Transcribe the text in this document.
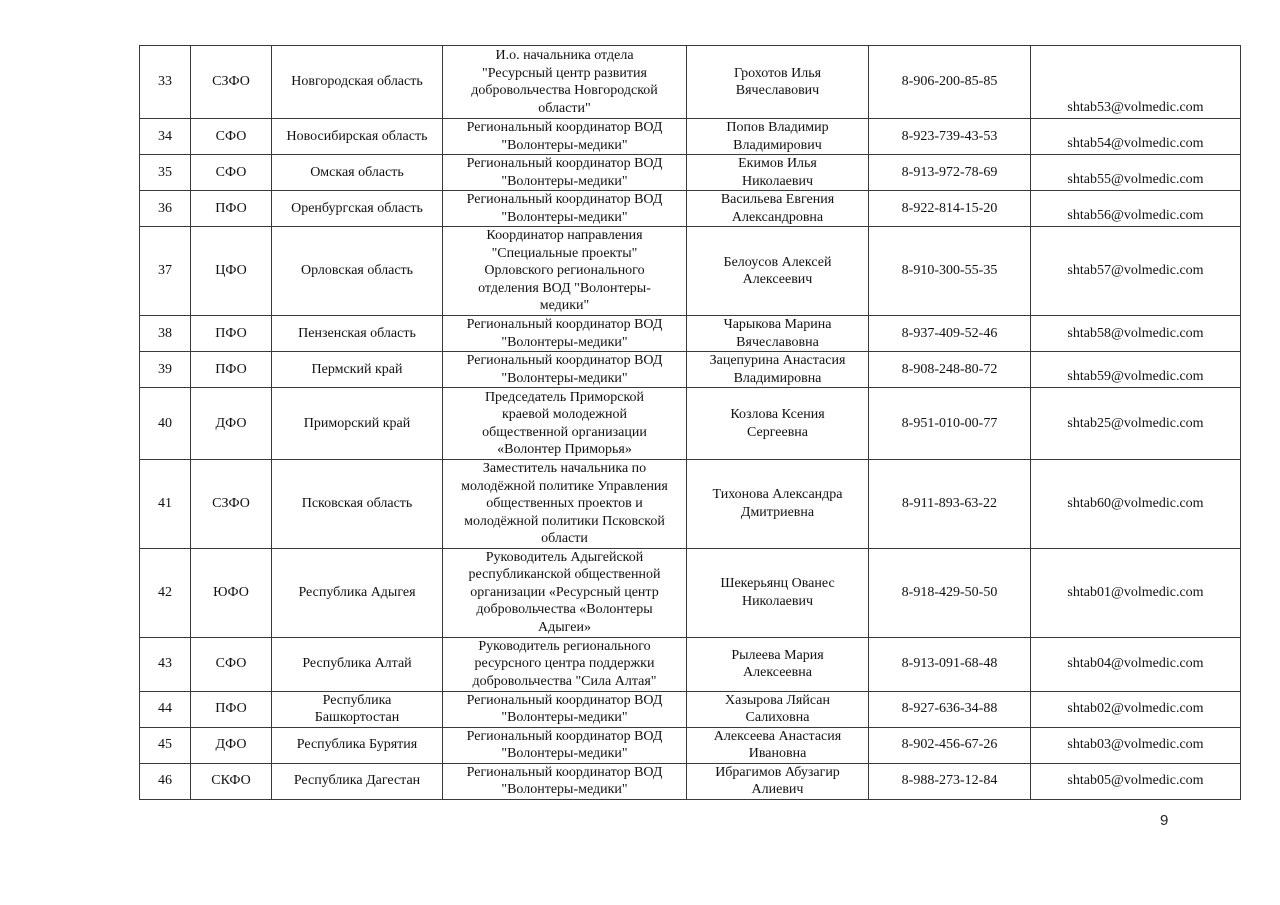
33	СЗФО	Новгородская область	И.о. начальника отдела
"Ресурсный центр развития
добровольчества Новгородской
области"	Грохотов Илья
Вячеславович	8-906-200-85-85	shtab53@volmedic.com
34	СФО	Новосибирская область	Региональный координатор ВОД
"Волонтеры-медики"	Попов Владимир
Владимирович	8-923-739-43-53	shtab54@volmedic.com
35	СФО	Омская область	Региональный координатор ВОД
"Волонтеры-медики"	Екимов Илья
Николаевич	8-913-972-78-69	shtab55@volmedic.com
36	ПФО	Оренбургская область	Региональный координатор ВОД
"Волонтеры-медики"	Васильева Евгения
Александровна	8-922-814-15-20	shtab56@volmedic.com
37	ЦФО	Орловская область	Координатор направления
"Специальные проекты"
Орловского регионального
отделения ВОД "Волонтеры-
медики"	Белоусов Алексей
Алексеевич	8-910-300-55-35	shtab57@volmedic.com
38	ПФО	Пензенская область	Региональный координатор ВОД
"Волонтеры-медики"	Чарыкова Марина
Вячеславовна	8-937-409-52-46	shtab58@volmedic.com
39	ПФО	Пермский край	Региональный координатор ВОД
"Волонтеры-медики"	Зацепурина Анастасия
Владимировна	8-908-248-80-72	shtab59@volmedic.com
40	ДФО	Приморский край	Председатель Приморской
краевой молодежной
общественной организации
«Волонтер Приморья»	Козлова Ксения
Сергеевна	8-951-010-00-77	shtab25@volmedic.com
41	СЗФО	Псковская область	Заместитель начальника по
молодёжной политике Управления
общественных проектов и
молодёжной политики Псковской
области	Тихонова Александра
Дмитриевна	8-911-893-63-22	shtab60@volmedic.com
42	ЮФО	Республика Адыгея	Руководитель Адыгейской
республиканской общественной
организации «Ресурсный центр
добровольчества «Волонтеры
Адыгеи»	Шекерьянц Ованес
Николаевич	8-918-429-50-50	shtab01@volmedic.com
43	СФО	Республика Алтай	Руководитель регионального
ресурсного центра поддержки
добровольчества "Сила Алтая"	Рылеева Мария
Алексеевна	8-913-091-68-48	shtab04@volmedic.com
44	ПФО	Республика
Башкортостан	Региональный координатор ВОД
"Волонтеры-медики"	Хазырова Ляйсан
Салиховна	8-927-636-34-88	shtab02@volmedic.com
45	ДФО	Республика Бурятия	Региональный координатор ВОД
"Волонтеры-медики"	Алексеева Анастасия
Ивановна	8-902-456-67-26	shtab03@volmedic.com
46	СКФО	Республика Дагестан	Региональный координатор ВОД
"Волонтеры-медики"	Ибрагимов Абузагир
Алиевич	8-988-273-12-84	shtab05@volmedic.com
9
